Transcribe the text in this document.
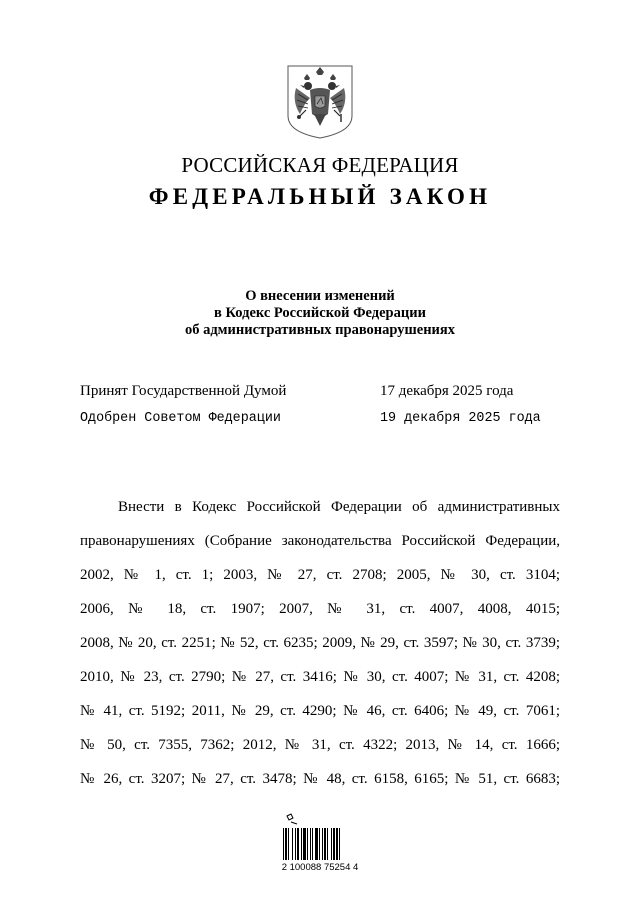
РОССИЙСКАЯ ФЕДЕРАЦИЯ
ФЕДЕРАЛЬНЫЙ ЗАКОН
О внесении изменений
в Кодекс Российской Федерации
об административных правонарушениях
Принят Государственной Думой	17 декабря 2025 года
Одобрен Советом Федерации	19 декабря 2025 года
Внести в Кодекс Российской Федерации об административных
правонарушениях (Собрание законодательства Российской Федерации,
2002, № 1, ст. 1; 2003, № 27, ст. 2708; 2005, № 30, ст. 3104;
2006, № 18, ст. 1907; 2007, № 31, ст. 4007, 4008, 4015;
2008, № 20, ст. 2251; № 52, ст. 6235; 2009, № 29, ст. 3597; № 30, ст. 3739;
2010, № 23, ст. 2790; № 27, ст. 3416; № 30, ст. 4007; № 31, ст. 4208;
№ 41, ст. 5192; 2011, № 29, ст. 4290; № 46, ст. 6406; № 49, ст. 7061;
№ 50, ст. 7355, 7362; 2012, № 31, ст. 4322; 2013, № 14, ст. 1666;
№ 26, ст. 3207; № 27, ст. 3478; № 48, ст. 6158, 6165; № 51, ст. 6683;
2 100088 75254 4
